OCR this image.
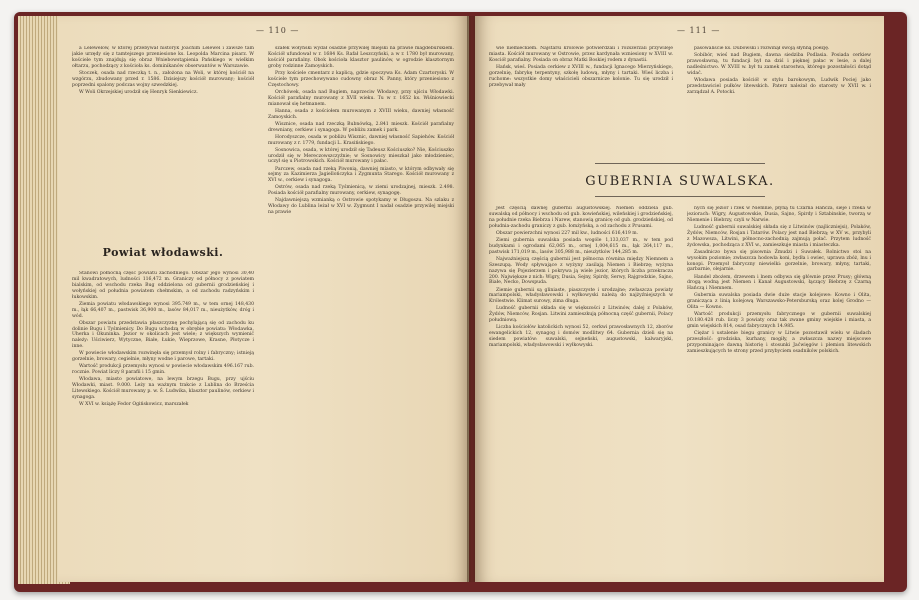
— 110 —

a Lelewelów, w której przebywał historyk Joachim Lelewel i zawsze tam jakie urzędy się z tamtejszego przeniesione ks. Leopolda Marcina pisarz. W kościele tym znajdują się obraz Wniebowstąpienia Pańskiego w wielkim ołtarzu, pochodzący z kościoła ks. dominikanów obserwantów w Warszawie.

Stoczek, osada nad rzeczką t. n., założona na Woli, w której kościół na wzgórzu, zbudowany przed r. 1586. Dzisiejszy kościół murowany; kościół poprzedni spalony podczas wojny szwedzkiej.

W Woli Okrzejskiej urodził się Henryk Sienkiewicz.

Powiat włodawski.

Stanowi północną część powiatu zachodniego. Obszar jego wynosi 30,40 mil kwadratowych, ludności 116,472 m. Graniczy od północy z powiatem bialskim, od wschodu rzeka Bug oddzielona od gubernii grodzieńskiej i wołyńskiej od południa powiatem chełmskim, a od zachodu radzyńskim i łukowskim.

Ziemia powiatu włodawskiego wynosi 395.749 m., w tem ornej 148,430 m., łąk 66,407 m., pastwisk 36,900 m., lasów 84,017 m., nieużytków, dróg i wód.

Obszar powiatu przedstawia płaszczyznę pochylającą się od zachodu ku dolinie Bugu i Tyśmienicy. Do Bugu uchodzą w obrębie powiatu: Włodawka, Uherka i Okuninka. Jezior w okolicach jest wiele; z większych wymienić należy: Uściwierz, Wytyczne, Białe, Łukie, Wieprzowe, Krasne, Płotycze i inne.

W powiecie włodawskim rozwinęła się przemysł rolny i fabryczny; istnieją gorzelnie, browary, cegielnie, młyny wodne i parowe, tartaki.

Wartość produkcji przemysłu wynosi w powiecie włodawskim 496.167 rub. rocznie. Powiat liczy 8 parafii i 15 gmin.

Włodawa, miasto powiatowe, na lewym brzegu Bugu, przy ujściu Włodawki, miast. 9.000. Leży na ważnym trakcie z Lublina do Brześcia Litewskiego. Kościół murowany p. w. Ś. Ludwika, klasztor paulinów, cerkiew i synagoga.

W XVI w. książę Fedor Ogińskowicz, marszałek

szałek wołyński wydał osadzie przywilej miejski na prawie magdeburskiem. Kościół ufundował w r. 1684 Ks. Rafał Leszczyński, a w r. 1780 był murowany, kościół parafialny. Obok kościoła klasztor paulinów, w ogrodzie klasztornym groby rodzinne Zamoyskich.

Przy kościele cmentarz z kaplicą, gdzie spoczywa Ks. Adam Czartoryski. W kościele tym przechowywano cudowny obraz N. Panny, który przeniesiono z Częstochowy.

Orchówek, osada nad Bugiem, naprzeciw Włodawy, przy ujściu Włodawki. Kościół parafialny murowany z XVII wieku. Tu w r. 1652 ks. Wiśniowiecki mianował się hetmanem.

Hanna, osada z kościołem murowanym z XVIII wieku, dawniej własność Zamoyskich.

Wisznice, osada nad rzeczką Bubnówką, 2.841 mieszk. Kościół parafialny drewniany, cerkiew i synagoga. W pobliżu zamek i park.

Horodyszcze, osada w pobliżu Wisznic, dawniej własność Sapiehów. Kościół murowany z r. 1779, fundacji L. Krasińskiego.

Sosnowica, osada, w której urodził się Tadeusz Kościuszko? Nie, Kościuszko urodził się w Mereczowszczyźnie; w Sosnowicy mieszkał jako młodzieniec, uczył się u Piotrowskich. Kościół murowany i pałac.

Parczew, osada nad rzeką Piwonią, dawniej miasto, w którym odbywały się sejmy za Kazimierza Jagiellończyka i Zygmunta Starego. Kościół murowany z XVI w., cerkiew i synagoga.

Ostrów, osada nad rzeką Tyśmienicą, w ziemi urodzajnej, mieszk. 2.498. Posiada kościół parafialny murowany, cerkiew, synagogę.

Najdawniejszą wzmianką o Ostrowie spotykamy w Długoszu. Na szlaku z Włodawy do Lublina leżał w XVI w. Zygmunt I nadał osadzie przywilej miejski na prawie

— 111 —

wie niemieckiem. Najstarsi królowie potwierdzali i rozszerzali przywileje miasta. Kościół murowany w Ostrowie, przez kardynała wzniesiony w XVIII w. Kosciół parafialny. Posiada on obraz Matki Boskiej rodem z dynastii.

Hańsk, wieś. Posiada cerkiew z XVIII w., fundacji Ignacego Mierzyńskiego, gorzelnię, fabrykę terpentyny, szkołę ludową, młyny i tartaki. Wieś liczba i ruchome: wszystkie domy właścicieli obszarnicze kolonie. Tu się urodził i przebywał mały

pasowaliście ks. Dubowski i rozwinął swoją słynną poezję.

Sobibór, wieś nad Bugiem, dawna siedziba Podlasia. Posiada cerkiew prawosławną, tu fundacji był na dziś i pięknej pałac w lesie, a dalej nadleśnictwo. W XVIII w. był tu zamek starostwa, którego pozostałości dotąd widać.

Włodawa posiada kościół w stylu barokowym, Ludwik Pociej jako przedstawiciel pułków litewskich. Paterz należał do starosty w XVII w. i zarządzał A. Potocki.

GUBERNIA SUWALSKA.

Jest częścią dawnej gubernii augustowskiej. Niemen oddziela gub. suwalską od północy i wschodu od gub. kowieńskiej, wileńskiej i grodzieńskiej, na południe rzeka Biebrza i Narew, stanowią granicę od gub. grodzieńskiej, od południa-zachodu graniczy z gub. łomżyńską, a od zachodu z Prusami.

Obszar powierzchni wynosi 227 mil kw., ludności 616,419 m.

Ziemi gubernia suwalska posiada wogóle 1,133,037 m., w tem pod budynkami i ogrodami 62,065 m., ornej 1,004,615 m., łąk 264,117 m., pastwisk 171,019 m., lasów 305,988 m., nieużytków 144,285 m.

Najważniejszą częścią gubernii jest północna równina między Niemnem a Szeszupą. Wody spływające z wyżyny zasilają Niemen i Biebrzę; wyżyna nazywa się Pojezierzem i pokrywa ją wiele jezior, których liczba przekracza 200. Największe z nich: Wigry, Dusia, Sejny, Spirdy, Serwy, Rajgrodzkie, Sajno, Białe, Necko, Dowspuda.

Ziemie gubernii są gliniaste, piaszczyste i urodzajne; zwłaszcza powiaty mariampolski, władysławowski i wyłkowyski należą do najżyźniejszych w Królestwie. Klimat surowy, zima długa.

Ludność gubernii składa się w większości z Litwinów, dalej z Polaków, Żydów, Niemców, Rosjan. Litwini zamieszkują północną część gubernii, Polacy południową.

Liczba kościołów katolickich wynosi 52, cerkwi prawosławnych 12, zborów ewangelickich 12, synagog i domów modlitwy 64. Gubernia dzieli się na siedem powiatów: suwalski, sejneński, augustowski, kalwaryjski, mariampolski, władysławowski i wyłkowyski.

nych się jezior i rzek w Niemnie, płyną tu Czarna Hańcza, sieje i rzeka w jeziorach: Wigry, Augustowskie, Dusia, Sajno, Spirdy i Sztabinskie, tworzą w Niemenie i Biebrzy, czyli w Narwie.

Ludność gubernii suwalskiej składa się z Litwinów (najliczniejsi), Polaków, Żydów, Niemców, Rosjan i Tatarów. Polacy jest nad Biebrzą; w XV w., przybyli z Mazowsza, Litwini, północno-zachodnią zajmują połać. Przytem ludność żydowska, pochodząca z XVI w., zamieszkuje miasta i miasteczka.

Zasadniczo bywa się pisownia Żmudzi i Suwałek. Rolnictwo stoi na wysokim poziomie; zwłaszcza hodowla koni, bydła i owiec, uprawa zbóż, lnu i konopi. Przemysł fabryczny niewielki: gorzelnie, browary, młyny, tartaki, garbarnie, olejarnie.

Handel zbożem, drzewem i lnem odbywa się głównie przez Prusy; główną drogą wodną jest Niemen i Kanał Augustowski, łączący Biebrzę z Czarną Hańczą i Niemnem.

Gubernia suwalska posiada dwie duże stacje kolejowe: Kowno i Olita, granicząca z linią kolejową Warszawsko-Petersburską oraz kolej Grodno — Olita — Kowno.

Wartość produkcji przemysłu fabrycznego w gubernii suwalskiej 10.180.428 rub. liczy 3 powiaty oraz tak zwane gminy wiejskie i miasta, a gmin wiejskich 814, osad fabrycznych 14.985.

Ciężar i ustalenie biegu granicy w Litwie pozostawił wielu w śladach przeszłość: grodziska, kurhany, mogiły, a zwłaszcza nazwy miejscowe przypominające dawną historię i stosunki Jaćwięgów i plemion litewskich zamieszkujących te strony przed przybyciem osadników polskich.
